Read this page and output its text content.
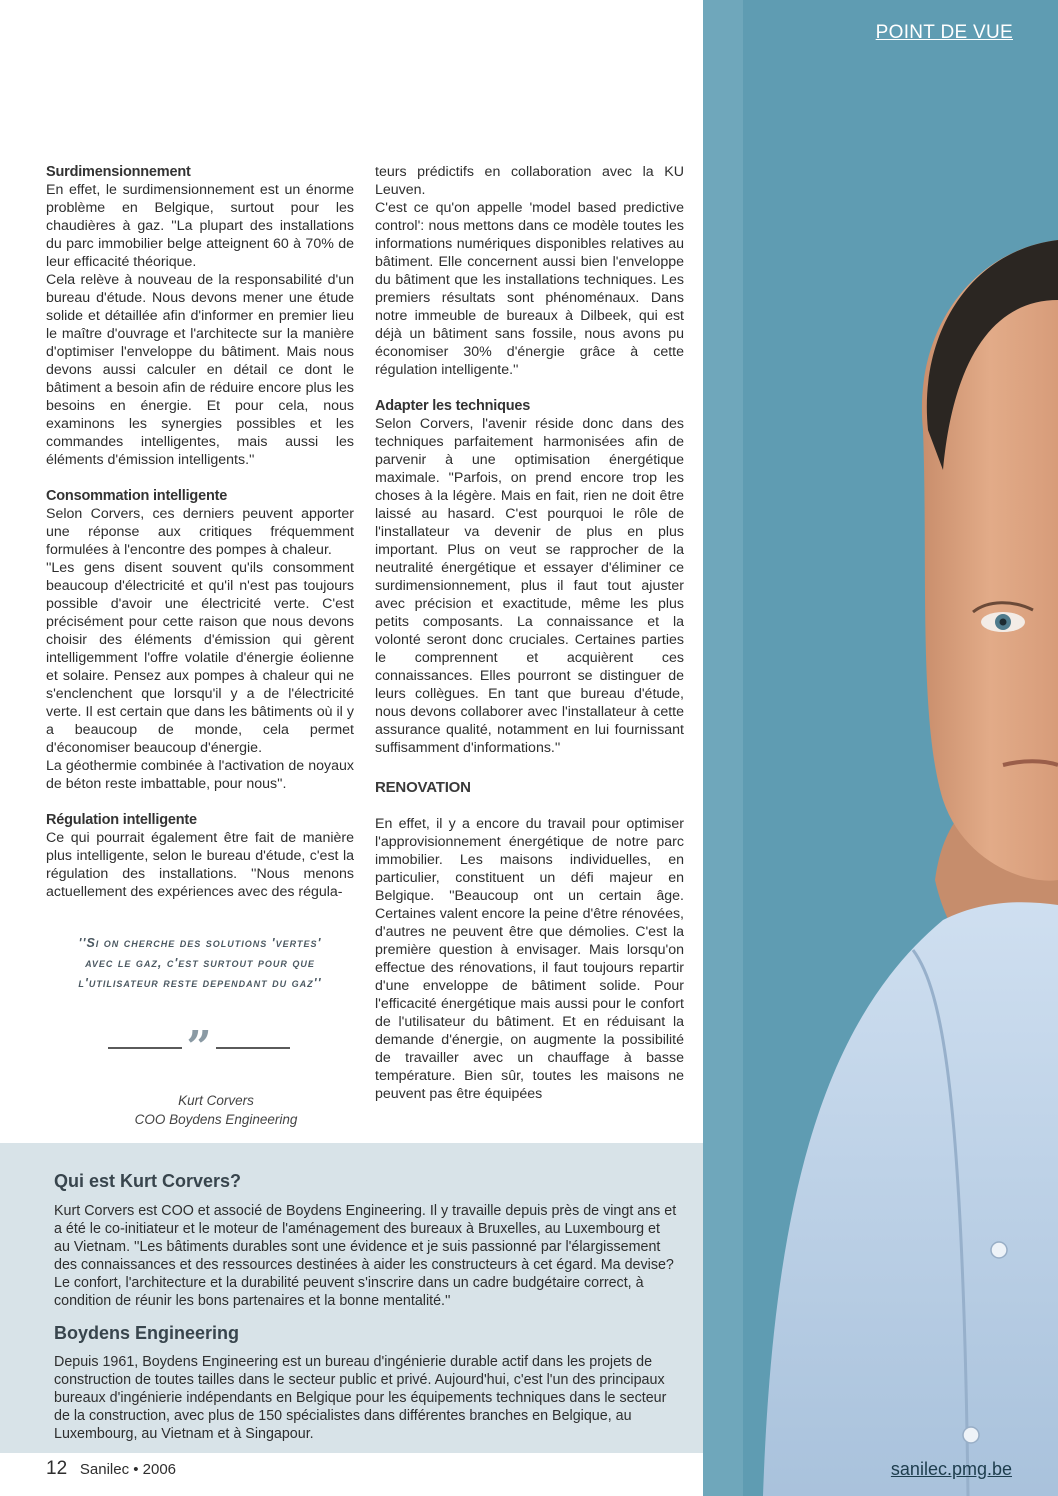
POINT DE VUE
sanilec.pmg.be
Surdimensionnement

En effet, le surdimensionnement est un énorme problème en Belgique, surtout pour les chaudières à gaz. ''La plupart des installations du parc immobilier belge atteignent 60 à 70% de leur efficacité théorique.

Cela relève à nouveau de la responsabilité d'un bureau d'étude. Nous devons mener une étude solide et détaillée afin d'informer en premier lieu le maître d'ouvrage et l'architecte sur la manière d'optimiser l'enveloppe du bâtiment. Mais nous devons aussi calculer en détail ce dont le bâtiment a besoin afin de réduire encore plus les besoins en énergie. Et pour cela, nous examinons les synergies possibles et les commandes intelligentes, mais aussi les éléments d'émission intelligents.''

Consommation intelligente

Selon Corvers, ces derniers peuvent apporter une réponse aux critiques fréquemment formulées à l'encontre des pompes à chaleur.

''Les gens disent souvent qu'ils consomment beaucoup d'électricité et qu'il n'est pas toujours possible d'avoir une électricité verte. C'est précisément pour cette raison que nous devons choisir des éléments d'émission qui gèrent intelligemment l'offre volatile d'énergie éolienne et solaire. Pensez aux pompes à chaleur qui ne s'enclenchent que lorsqu'il y a de l'électricité verte. Il est certain que dans les bâtiments où il y a beaucoup de monde, cela permet d'économiser beaucoup d'énergie.

La géothermie combinée à l'activation de noyaux de béton reste imbattable, pour nous''.

Régulation intelligente

Ce qui pourrait également être fait de manière plus intelligente, selon le bureau d'étude, c'est la régulation des installations. ''Nous menons actuellement des expériences avec des régula-

teurs prédictifs en collaboration avec la KU Leuven.

C'est ce qu'on appelle 'model based predictive control': nous mettons dans ce modèle toutes les informations numériques disponibles relatives au bâtiment. Elle concernent aussi bien l'enveloppe du bâtiment que les installations techniques. Les premiers résultats sont phénoménaux. Dans notre immeuble de bureaux à Dilbeek, qui est déjà un bâtiment sans fossile, nous avons pu économiser 30% d'énergie grâce à cette régulation intelligente.''

Adapter les techniques

Selon Corvers, l'avenir réside donc dans des techniques parfaitement harmonisées afin de parvenir à une optimisation énergétique maximale. ''Parfois, on prend encore trop les choses à la légère. Mais en fait, rien ne doit être laissé au hasard. C'est pourquoi le rôle de l'installateur va devenir de plus en plus important. Plus on veut se rapprocher de la neutralité énergétique et essayer d'éliminer ce surdimensionnement, plus il faut tout ajuster avec précision et exactitude, même les plus petits composants. La connaissance et la volonté seront donc cruciales. Certaines parties le comprennent et acquièrent ces connaissances. Elles pourront se distinguer de leurs collègues. En tant que bureau d'étude, nous devons collaborer avec l'installateur à cette assurance qualité, notamment en lui fournissant suffisamment d'informations.''

RENOVATION

En effet, il y a encore du travail pour optimiser l'approvisionnement énergétique de notre parc immobilier. Les maisons individuelles, en particulier, constituent un défi majeur en Belgique. ''Beaucoup ont un certain âge. Certaines valent encore la peine d'être rénovées, d'autres ne peuvent être que démolies. C'est la première question à envisager. Mais lorsqu'on effectue des rénovations, il faut toujours repartir d'une enveloppe de bâtiment solide. Pour l'efficacité énergétique mais aussi pour le confort de l'utilisateur du bâtiment. Et en réduisant la demande d'énergie, on augmente la possibilité de travailler avec un chauffage à basse température. Bien sûr, toutes les maisons ne peuvent pas être équipées

''Si on cherche des solutions 'vertes'
avec le gaz, c'est surtout pour que
l'utilisateur reste dependant du gaz''
”
Kurt Corvers
COO Boydens Engineering
Qui est Kurt Corvers?

Kurt Corvers est COO et associé de Boydens Engineering. Il y travaille depuis près de vingt ans et a été le co-initiateur et le moteur de l'aménagement des bureaux à Bruxelles, au Luxembourg et au Vietnam. ''Les bâtiments durables sont une évidence et je suis passionné par l'élargissement des connaissances et des ressources destinées à aider les constructeurs à cet égard. Ma devise? Le confort, l'architecture et la durabilité peuvent s'inscrire dans un cadre budgétaire correct, à condition de réunir les bons partenaires et la bonne mentalité.''

Boydens Engineering

Depuis 1961, Boydens Engineering est un bureau d'ingénierie durable actif dans les projets de construction de toutes tailles dans le secteur public et privé. Aujourd'hui, c'est l'un des principaux bureaux d'ingénierie indépendants en Belgique pour les équipements techniques dans le secteur de la construction, avec plus de 150 spécialistes dans différentes branches en Belgique, au Luxembourg, au Vietnam et à Singapour.

12 Sanilec • 2006
